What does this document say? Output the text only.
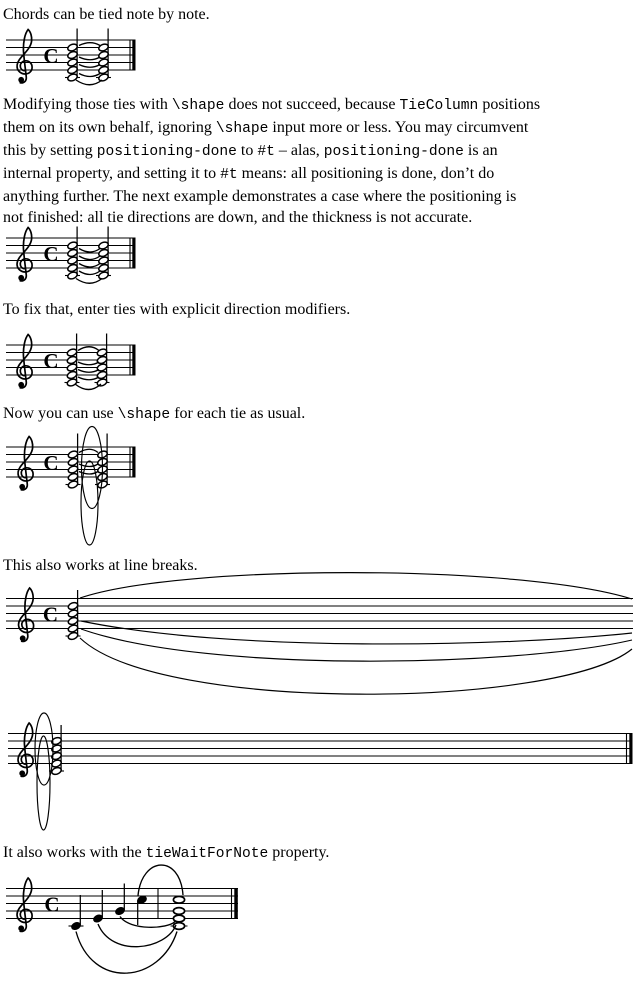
Chords can be tied note by note.
Modifying those ties with \shape does not succeed, because TieColumn positions
them on its own behalf, ignoring \shape input more or less. You may circumvent
this by setting positioning-done to #t – alas, positioning-done is an
internal property, and setting it to #t means: all positioning is done, don’t do
anything further. The next example demonstrates a case where the positioning is
not finished: all tie directions are down, and the thickness is not accurate.
To fix that, enter ties with explicit direction modifiers.
Now you can use \shape for each tie as usual.
This also works at line breaks.
It also works with the tieWaitForNote property.
C
C
C
C
C
C
